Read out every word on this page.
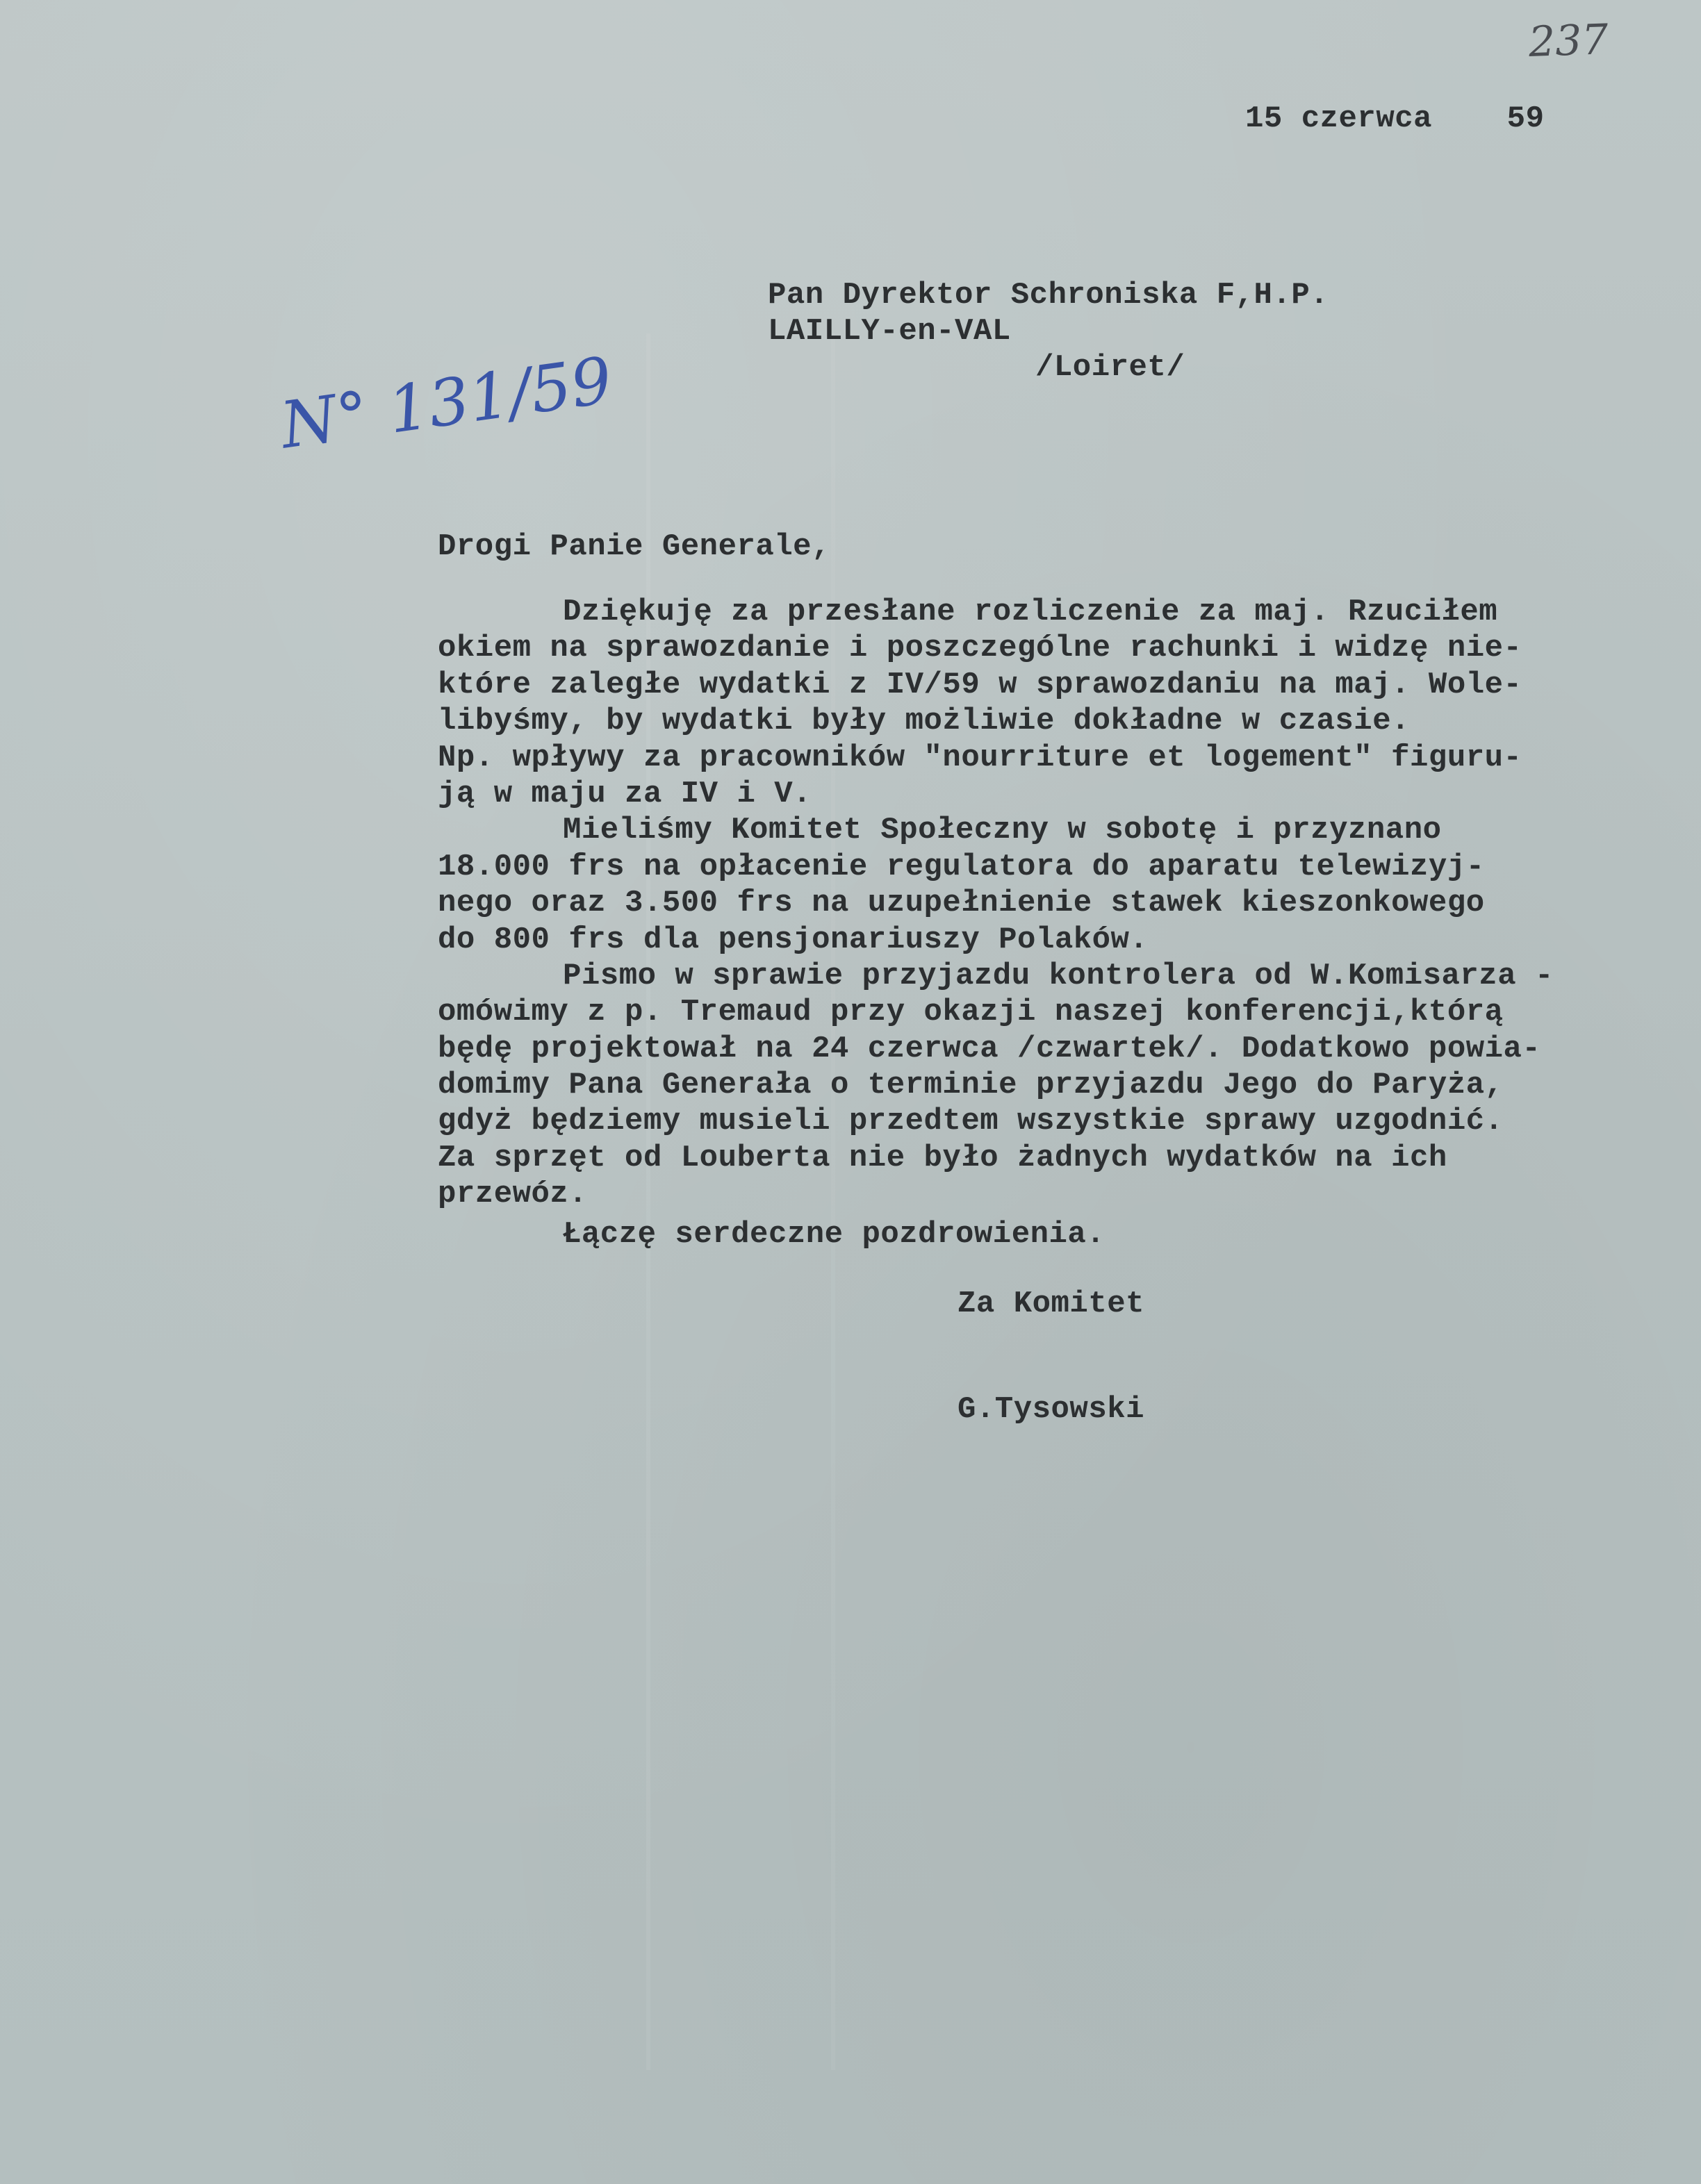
237
15 czerwca    59
Pan Dyrektor Schroniska F,H.P.
LAILLY-en-VAL
/Loiret/
N° 131/59
Drogi Panie Generale,
Dziękuję za przesłane rozliczenie za maj. Rzuciłem
okiem na sprawozdanie i poszczególne rachunki i widzę nie-
które zaległe wydatki z IV/59 w sprawozdaniu na maj. Wole-
libyśmy, by wydatki były możliwie dokładne w czasie.
Np. wpływy za pracowników "nourriture et logement" figuru-
ją w maju za IV i V.
Mieliśmy Komitet Społeczny w sobotę i przyznano
18.000 frs na opłacenie regulatora do aparatu telewizyj-
nego oraz 3.500 frs na uzupełnienie stawek kieszonkowego
do 800 frs dla pensjonariuszy Polaków.
Pismo w sprawie przyjazdu kontrolera od W.Komisarza -
omówimy z p. Tremaud przy okazji naszej konferencji,którą
będę projektował na 24 czerwca /czwartek/. Dodatkowo powia-
domimy Pana Generała o terminie przyjazdu Jego do Paryża,
gdyż będziemy musieli przedtem wszystkie sprawy uzgodnić.
Za sprzęt od Louberta nie było żadnych wydatków na ich
przewóz.
Łączę serdeczne pozdrowienia.
Za Komitet
G.Tysowski
